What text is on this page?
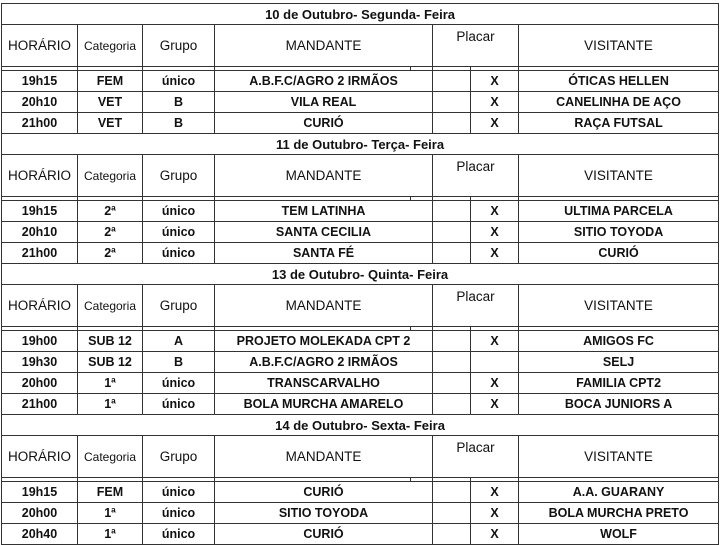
10 de Outubro- Segunda- Feira							
HORÁRIO	Categoria	Grupo	MANDANTE		Placar		VISITANTE

19h15	FEM	único	A.B.F.C/AGRO 2 IRMÃOS			X	ÓTICAS HELLEN
20h10	VET	B	VILA REAL			X	CANELINHA DE AÇO
21h00	VET	B	CURIÓ			X	RAÇA FUTSAL
11 de Outubro- Terça- Feira							
HORÁRIO	Categoria	Grupo	MANDANTE		Placar		VISITANTE

19h15	2ª	único	TEM LATINHA			X	ULTIMA PARCELA
20h10	2ª	único	SANTA CECILIA			X	SITIO TOYODA
21h00	2ª	único	SANTA FÉ			X	CURIÓ
13 de Outubro- Quinta- Feira							
HORÁRIO	Categoria	Grupo	MANDANTE		Placar		VISITANTE

19h00	SUB 12	A	PROJETO MOLEKADA CPT 2			X	AMIGOS FC
19h30	SUB 12	B	A.B.F.C/AGRO 2 IRMÃOS				SELJ
20h00	1ª	único	TRANSCARVALHO			X	FAMILIA CPT2
21h00	1ª	único	BOLA MURCHA AMARELO			X	BOCA JUNIORS A
14 de Outubro- Sexta- Feira							
HORÁRIO	Categoria	Grupo	MANDANTE		Placar		VISITANTE

19h15	FEM	único	CURIÓ			X	A.A. GUARANY
20h00	1ª	único	SITIO TOYODA			X	BOLA MURCHA PRETO
20h40	1ª	único	CURIÓ			X	WOLF
